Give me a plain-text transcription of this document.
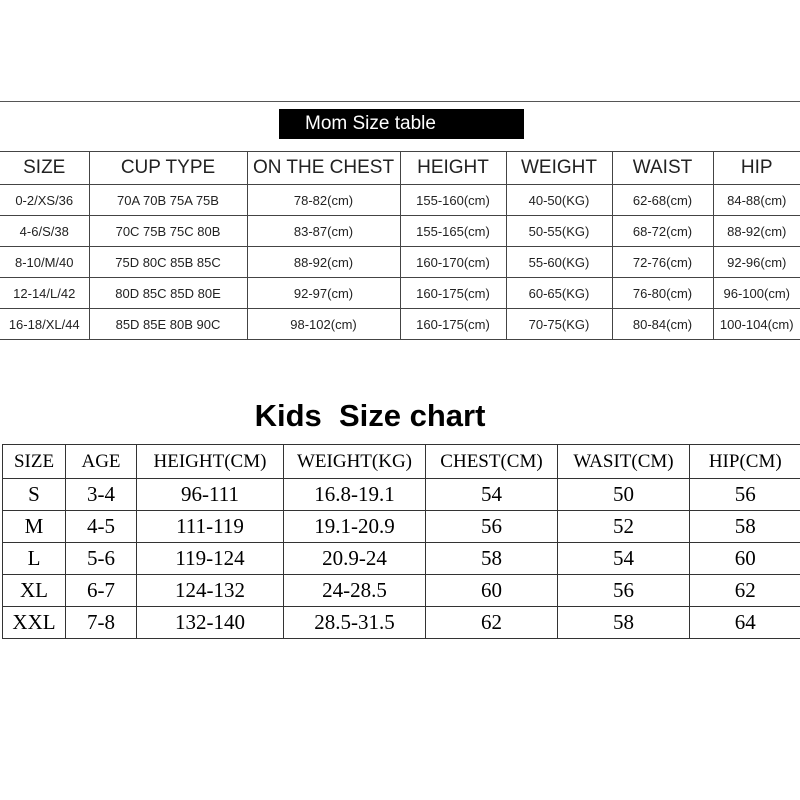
Mom Size table
SIZE	CUP TYPE	ON THE CHEST	HEIGHT	WEIGHT	WAIST	HIP
0-2/XS/36	70A 70B 75A 75B	78-82(cm)	155-160(cm)	40-50(KG)	62-68(cm)	84-88(cm)
4-6/S/38	70C 75B 75C 80B	83-87(cm)	155-165(cm)	50-55(KG)	68-72(cm)	88-92(cm)
8-10/M/40	75D 80C 85B 85C	88-92(cm)	160-170(cm)	55-60(KG)	72-76(cm)	92-96(cm)
12-14/L/42	80D 85C 85D 80E	92-97(cm)	160-175(cm)	60-65(KG)	76-80(cm)	96-100(cm)
16-18/XL/44	85D 85E 80B 90C	98-102(cm)	160-175(cm)	70-75(KG)	80-84(cm)	100-104(cm)
Kids  Size chart
SIZE	AGE	HEIGHT(CM)	WEIGHT(KG)	CHEST(CM)	WASIT(CM)	HIP(CM)
S	3-4	96-111	16.8-19.1	54	50	56
M	4-5	111-119	19.1-20.9	56	52	58
L	5-6	119-124	20.9-24	58	54	60
XL	6-7	124-132	24-28.5	60	56	62
XXL	7-8	132-140	28.5-31.5	62	58	64
